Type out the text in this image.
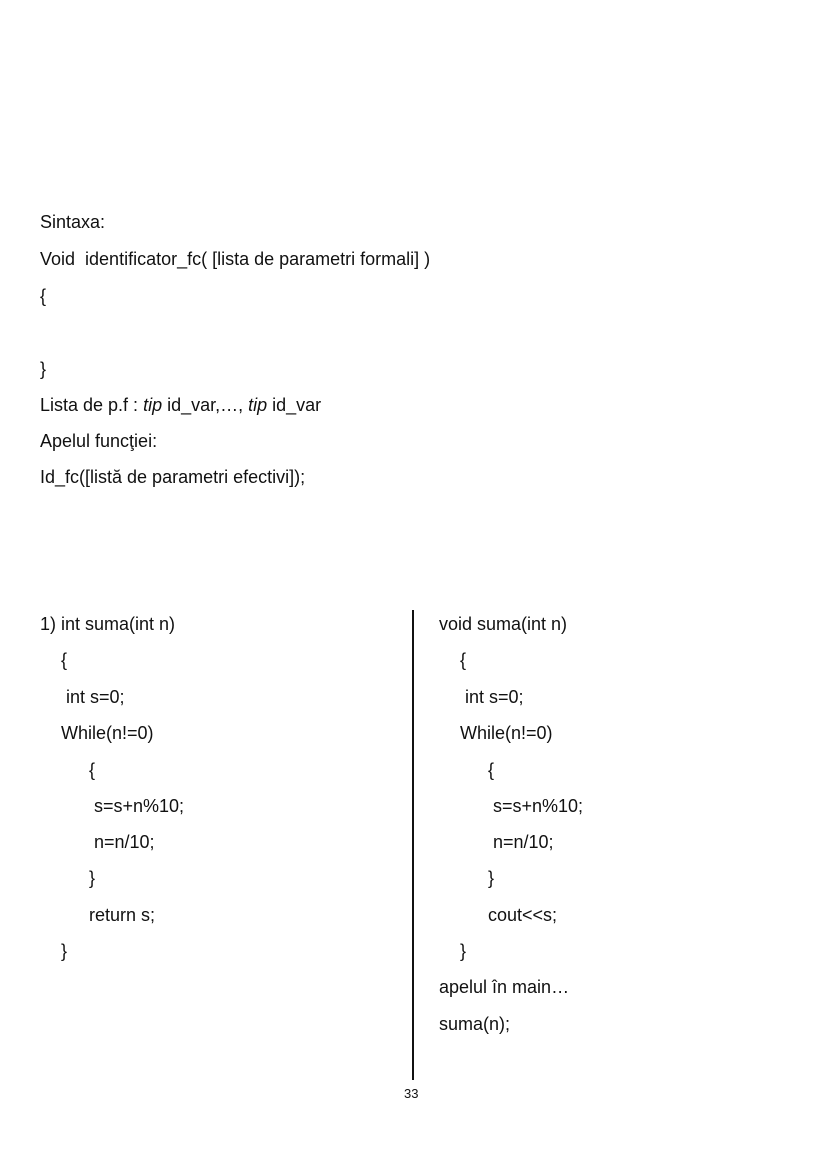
Sintaxa:
Void  identificator_fc( [lista de parametri formali] )
{
}
Lista de p.f : tip id_var,…, tip id_var
Apelul funcţiei:
Id_fc([listă de parametri efectivi]);
1) int suma(int n)
{
int s=0;
While(n!=0)
{
s=s+n%10;
n=n/10;
}
return s;
}
void suma(int n)
{
int s=0;
While(n!=0)
{
s=s+n%10;
n=n/10;
}
cout<<s;
}
apelul în main…
suma(n);
33
